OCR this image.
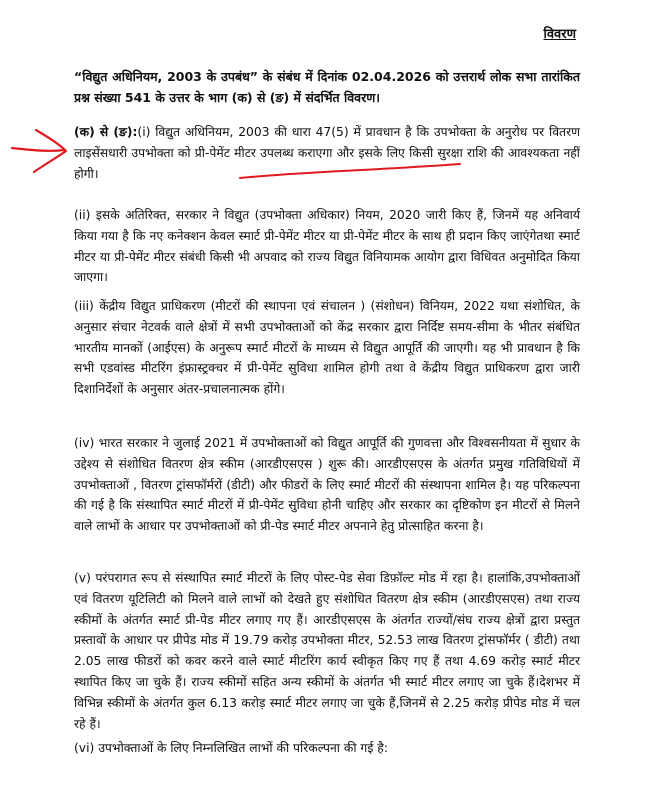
विवरण
“विद्युत अधिनियम, 2003 के उपबंध” के संबंध में दिनांक 02.04.2026 को उत्तरार्थ लोक सभा तारांकित प्रश्न संख्या 541 के उत्तर के भाग (क) से (ङ) में संदर्भित विवरण।
(क) से (ङ):(i) विद्युत अधिनियम, 2003 की धारा 47(5) में प्रावधान है कि उपभोक्ता के अनुरोध पर वितरण लाइसेंसधारी उपभोक्ता को प्री-पेमेंट मीटर उपलब्ध कराएगा और इसके लिए किसी सुरक्षा राशि की आवश्यकता नहीं होगी।
(ii) इसके अतिरिक्त, सरकार ने विद्युत (उपभोक्ता अधिकार) नियम, 2020 जारी किए हैं, जिनमें यह अनिवार्य किया गया है कि नए कनेक्शन केवल स्मार्ट प्री-पेमेंट मीटर या प्री-पेमेंट मीटर के साथ ही प्रदान किए जाएंगेतथा स्मार्ट मीटर या प्री-पेमेंट मीटर संबंधी किसी भी अपवाद को राज्य विद्युत विनियामक आयोग द्वारा विधिवत अनुमोदित किया जाएगा।
(iii) केंद्रीय विद्युत प्राधिकरण (मीटरों की स्थापना एवं संचालन ) (संशोधन) विनियम, 2022 यथा संशोधित, के अनुसार संचार नेटवर्क वाले क्षेत्रों में सभी उपभोक्ताओं को केंद्र सरकार द्वारा निर्दिष्ट समय-सीमा के भीतर संबंधित भारतीय मानकों (आईएस) के अनुरूप स्मार्ट मीटरों के माध्यम से विद्युत आपूर्ति की जाएगी। यह भी प्रावधान है कि सभी एडवांस्ड मीटरिंग इंफ्रास्ट्रक्चर में प्री-पेमेंट सुविधा शामिल होगी तथा वे केंद्रीय विद्युत प्राधिकरण द्वारा जारी दिशानिर्देशों के अनुसार अंतर-प्रचालनात्मक होंगे।
(iv) भारत सरकार ने जुलाई 2021 में उपभोक्ताओं को विद्युत आपूर्ति की गुणवत्ता और विश्वसनीयता में सुधार के उद्देश्य से संशोधित वितरण क्षेत्र स्कीम (आरडीएसएस ) शुरू की। आरडीएसएस के अंतर्गत प्रमुख गतिविधियों में उपभोक्ताओं , वितरण ट्रांसफॉर्मरों (डीटी) और फीडरों के लिए स्मार्ट मीटरों की संस्थापना शामिल है। यह परिकल्पना की गई है कि संस्थापित स्मार्ट मीटरों में प्री-पेमेंट सुविधा होनी चाहिए और सरकार का दृष्टिकोण इन मीटरों से मिलने वाले लाभों के आधार पर उपभोक्ताओं को प्री-पेड स्मार्ट मीटर अपनाने हेतु प्रोत्साहित करना है।
(v) परंपरागत रूप से संस्थापित स्मार्ट मीटरों के लिए पोस्ट-पेड सेवा डिफ़ॉल्ट मोड में रहा है। हालांकि,उपभोक्ताओं एवं वितरण यूटिलिटी को मिलने वाले लाभों को देखते हुए संशोधित वितरण क्षेत्र स्कीम (आरडीएसएस) तथा राज्य स्कीमों के अंतर्गत स्मार्ट प्री-पेड मीटर लगाए गए हैं। आरडीएसएस के अंतर्गत राज्यों/संघ राज्य क्षेत्रों द्वारा प्रस्तुत प्रस्तावों के आधार पर प्रीपेड मोड में 19.79 करोड़ उपभोक्ता मीटर, 52.53 लाख वितरण ट्रांसफॉर्मर ( डीटी) तथा 2.05 लाख फीडरों को कवर करने वाले स्मार्ट मीटरिंग कार्य स्वीकृत किए गए हैं तथा 4.69 करोड़ स्मार्ट मीटर स्थापित किए जा चुके हैं। राज्य स्कीमों सहित अन्य स्कीमों के अंतर्गत भी स्मार्ट मीटर लगाए जा चुके हैं।देशभर में विभिन्न स्कीमों के अंतर्गत कुल 6.13 करोड़ स्मार्ट मीटर लगाए जा चुके हैं,जिनमें से 2.25 करोड़ प्रीपेड मोड में चल रहे हैं।
(vi) उपभोक्ताओं के लिए निम्नलिखित लाभों की परिकल्पना की गई है:
